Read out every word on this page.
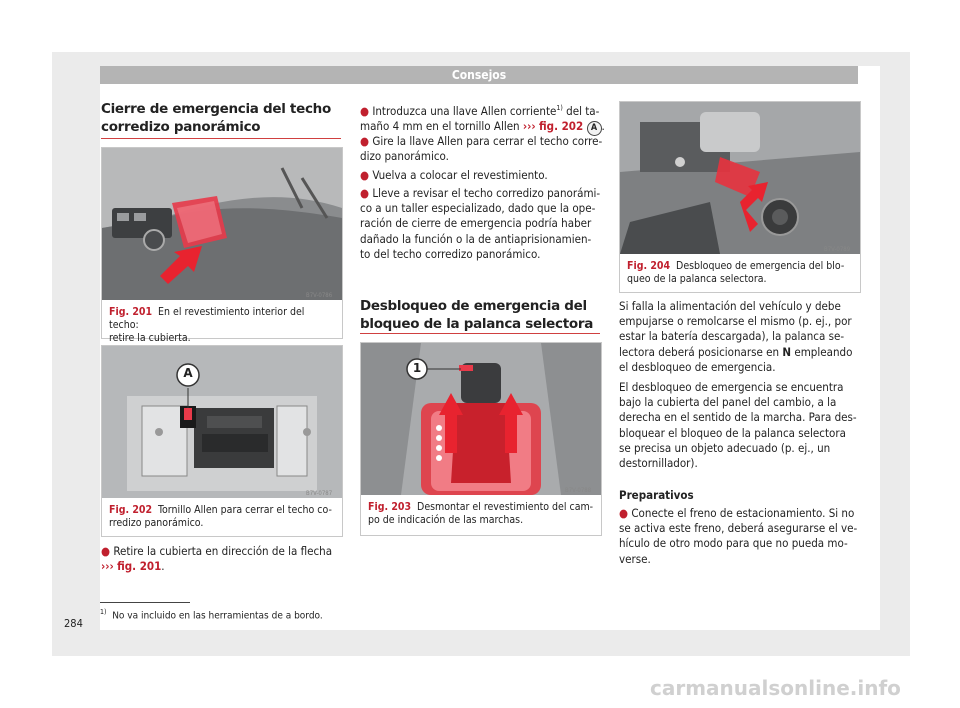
Consejos
Cierre de emergencia del techo
corredizo panorámico
B7V-0786
Fig. 201 En el revestimiento interior del techo:
retire la cubierta.
A
B7V-0787
Fig. 202 Tornillo Allen para cerrar el techo co-
rredizo panorámico.
● Retire la cubierta en dirección de la flecha
››› fig. 201.
● Introduzca una llave Allen corriente$^{1)}$ del ta-
maño 4 mm en el tornillo Allen ››› fig. 202 A .
● Gire la llave Allen para cerrar el techo corre-
dizo panorámico.
● Vuelva a colocar el revestimiento.
● Lleve a revisar el techo corredizo panorámi-
co a un taller especializado, dado que la ope-
ración de cierre de emergencia podría haber
dañado la función o la de antiaprisionamien-
to del techo corredizo panorámico.
Desbloqueo de emergencia del
bloqueo de la palanca selectora
1
B7V-0788
Fig. 203 Desmontar el revestimiento del cam-
po de indicación de las marchas.
B7V-0789
Fig. 204 Desbloqueo de emergencia del blo-
queo de la palanca selectora.
Si falla la alimentación del vehículo y debe
empujarse o remolcarse el mismo (p. ej., por
estar la batería descargada), la palanca se-
lectora deberá posicionarse en N empleando
el desbloqueo de emergencia.
El desbloqueo de emergencia se encuentra
bajo la cubierta del panel del cambio, a la
derecha en el sentido de la marcha. Para des-
bloquear el bloqueo de la palanca selectora
se precisa un objeto adecuado (p. ej., un
destornillador).
Preparativos
● Conecte el freno de estacionamiento. Si no
se activa este freno, deberá asegurarse el ve-
hículo de otro modo para que no pueda mo-
verse.
$^{1)}$ No va incluido en las herramientas de a bordo.
284
carmanualsonline.info
